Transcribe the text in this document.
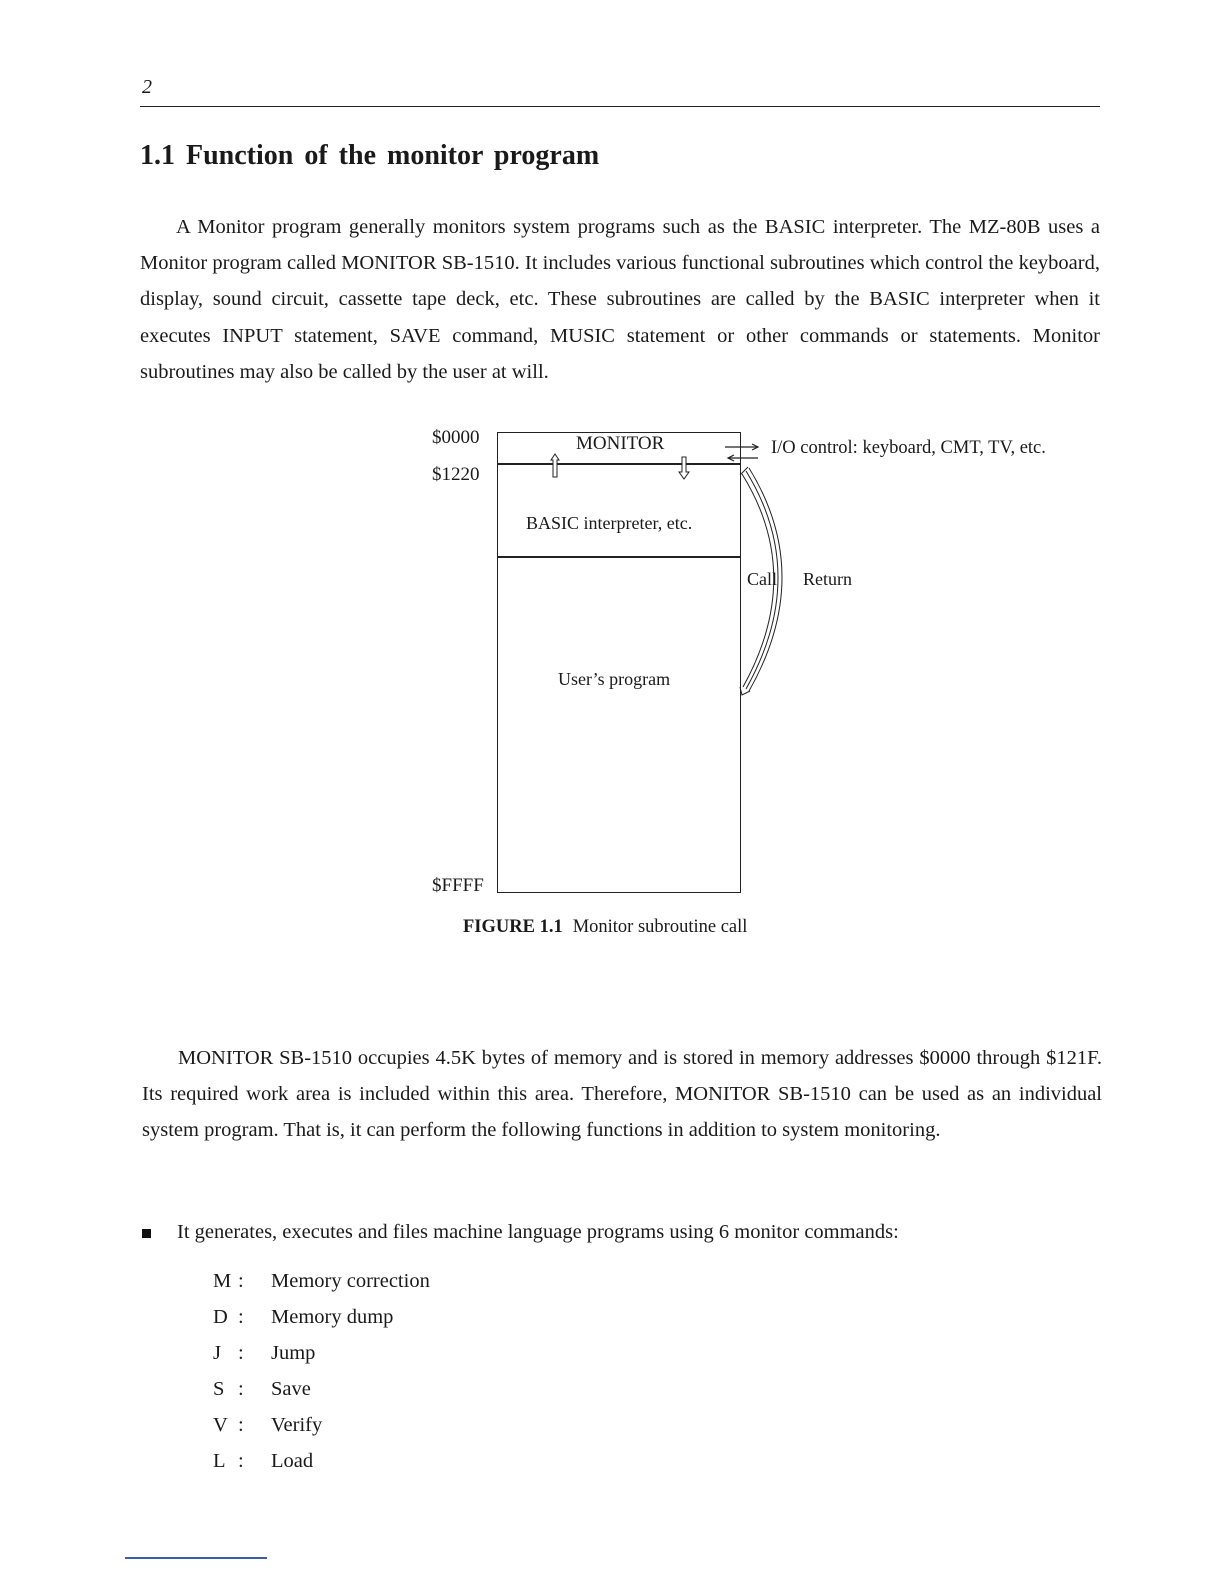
2
1.1 Function of the monitor program
A Monitor program generally monitors system programs such as the BASIC interpreter. The MZ-80B uses a Monitor program called MONITOR SB-1510. It includes various functional subroutines which control the keyboard, display, sound circuit, cassette tape deck, etc. These subroutines are called by the BASIC interpreter when it executes INPUT statement, SAVE command, MUSIC statement or other commands or statements. Monitor subroutines may also be called by the user at will.
$0000
$1220
$FFFF
MONITOR
BASIC interpreter, etc.
User’s program
I/O control: keyboard, CMT, TV, etc.
Call Return
FIGURE 1.1 Monitor subroutine call
MONITOR SB-1510 occupies 4.5K bytes of memory and is stored in memory addresses $0000 through $121F. Its required work area is included within this area. Therefore, MONITOR SB-1510 can be used as an individual system program. That is, it can perform the following functions in addition to system monitoring.
It generates, executes and files machine language programs using 6 monitor commands:
M : Memory correction
D : Memory dump
J : Jump
S : Save
V : Verify
L : Load
